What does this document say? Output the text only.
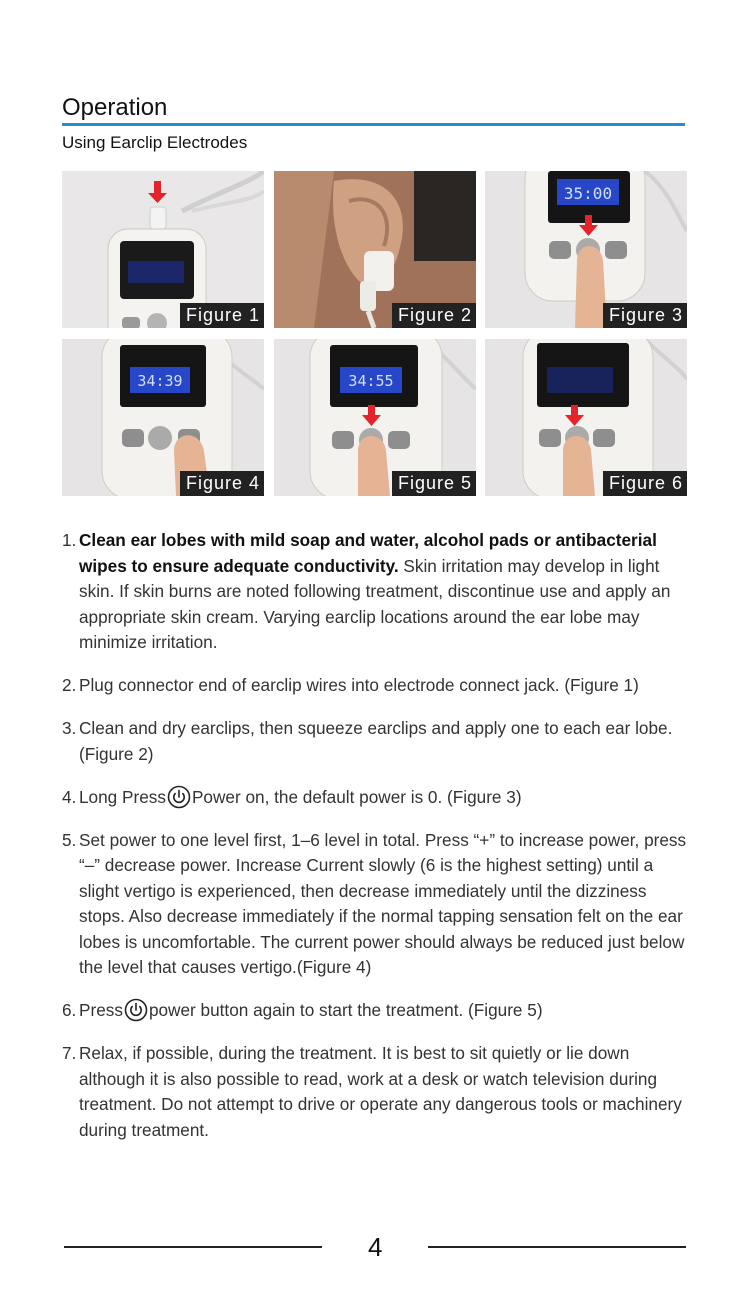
Operation
Using Earclip Electrodes
Figure 1	Figure 2
35:00
Figure 3
34:39
Figure 4
34:55
Figure 5	Figure 6
1. Clean ear lobes with mild soap and water, alcohol pads or antibacterial wipes to ensure adequate conductivity. Skin irritation may develop in light skin. If skin burns are noted following treatment, discontinue use and apply an appropriate skin cream. Varying earclip locations around the ear lobe may minimize irritation.
2. Plug connector end of earclip wires into electrode connect jack. (Figure 1)
3. Clean and dry earclips, then squeeze earclips and apply one to each ear lobe. (Figure 2)
4. Long Press Power on, the default power is 0. (Figure 3)
5. Set power to one level first, 1–6 level in total. Press “+” to increase power, press “–” decrease power. Increase Current slowly (6 is the highest setting) until a slight vertigo is experienced, then decrease immediately until the dizziness stops. Also decrease immediately if the normal tapping sensation felt on the ear lobes is uncomfortable. The current power should always be reduced just below the level that causes vertigo.(Figure 4)
6. Press power button again to start the treatment. (Figure 5)
7. Relax, if possible, during the treatment. It is best to sit quietly or lie down although it is also possible to read, work at a desk or watch television during treatment. Do not attempt to drive or operate any dangerous tools or machinery during treatment.
4
